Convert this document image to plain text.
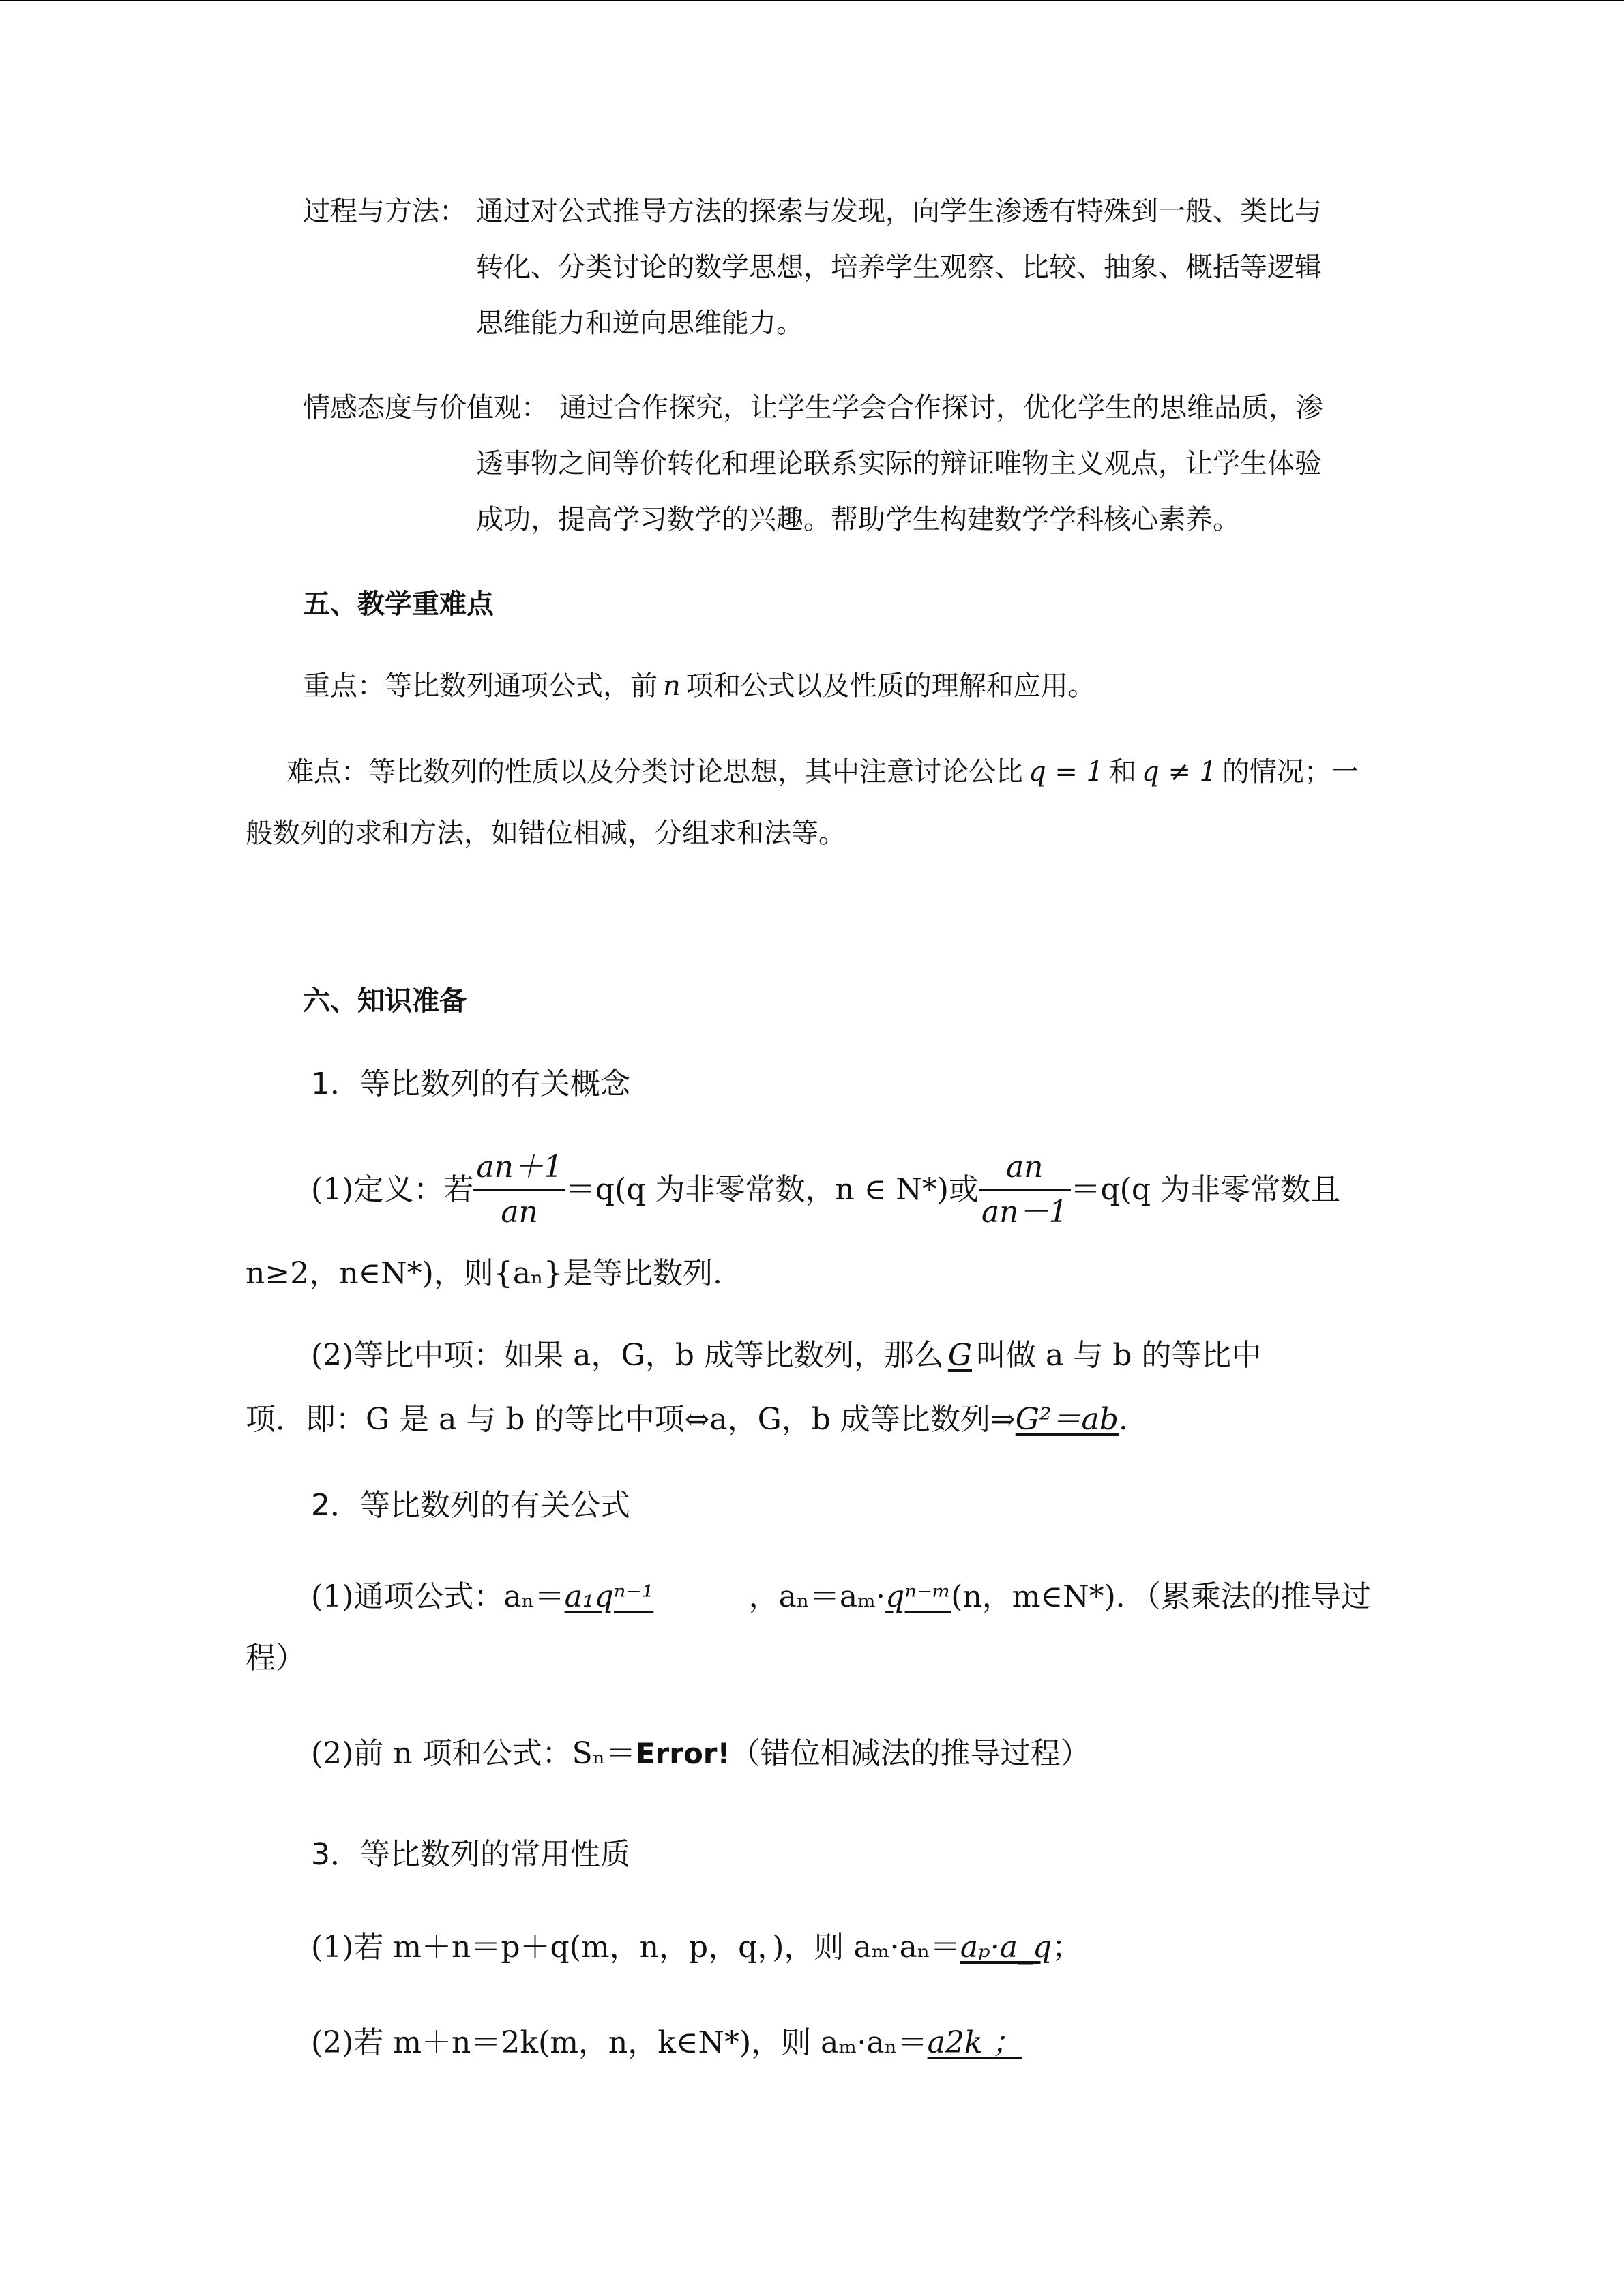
过程与方法： 通过对公式推导方法的探索与发现，向学生渗透有特殊到一般、类比与
转化、分类讨论的数学思想，培养学生观察、比较、抽象、概括等逻辑
思维能力和逆向思维能力。
情感态度与价值观： 通过合作探究，让学生学会合作探讨，优化学生的思维品质，渗
透事物之间等价转化和理论联系实际的辩证唯物主义观点，让学生体验
成功，提高学习数学的兴趣。帮助学生构建数学学科核心素养。
五、教学重难点
重点：等比数列通项公式，前 n 项和公式以及性质的理解和应用。
难点：等比数列的性质以及分类讨论思想，其中注意讨论公比 q = 1 和 q ≠ 1 的情况；一
般数列的求和方法，如错位相减，分组求和法等。
六、知识准备
1．等比数列的有关概念
(1)定义：若 $\frac{an+1}{an} =q(q$ 为非零常数，n ∈ N*)或 $\frac{an}{an-1} =q(q$ 为非零常数且
n≥2，n∈N*)，则{aₙ}是等比数列.
(2)等比中项：如果 a，G，b 成等比数列，那么 G 叫做 a 与 b 的等比中
项．即：G 是 a 与 b 的等比中项⇔a，G，b 成等比数列⇒G²＝ab.
2．等比数列的有关公式
(1)通项公式：aₙ＝a₁qⁿ⁻¹	，aₙ＝aₘ·qⁿ⁻ᵐ(n，m∈N*)．（累乘法的推导过
程）
(2)前 n 项和公式：Sₙ＝Error!（错位相减法的推导过程）
3．等比数列的常用性质
(1)若 m＋n＝p＋q(m，n，p，q，)，则 aₘ·aₙ＝aₚ·a_q；
(2)若 m＋n＝2k(m，n，k∈N*)，则 aₘ·aₙ＝a2k ；
